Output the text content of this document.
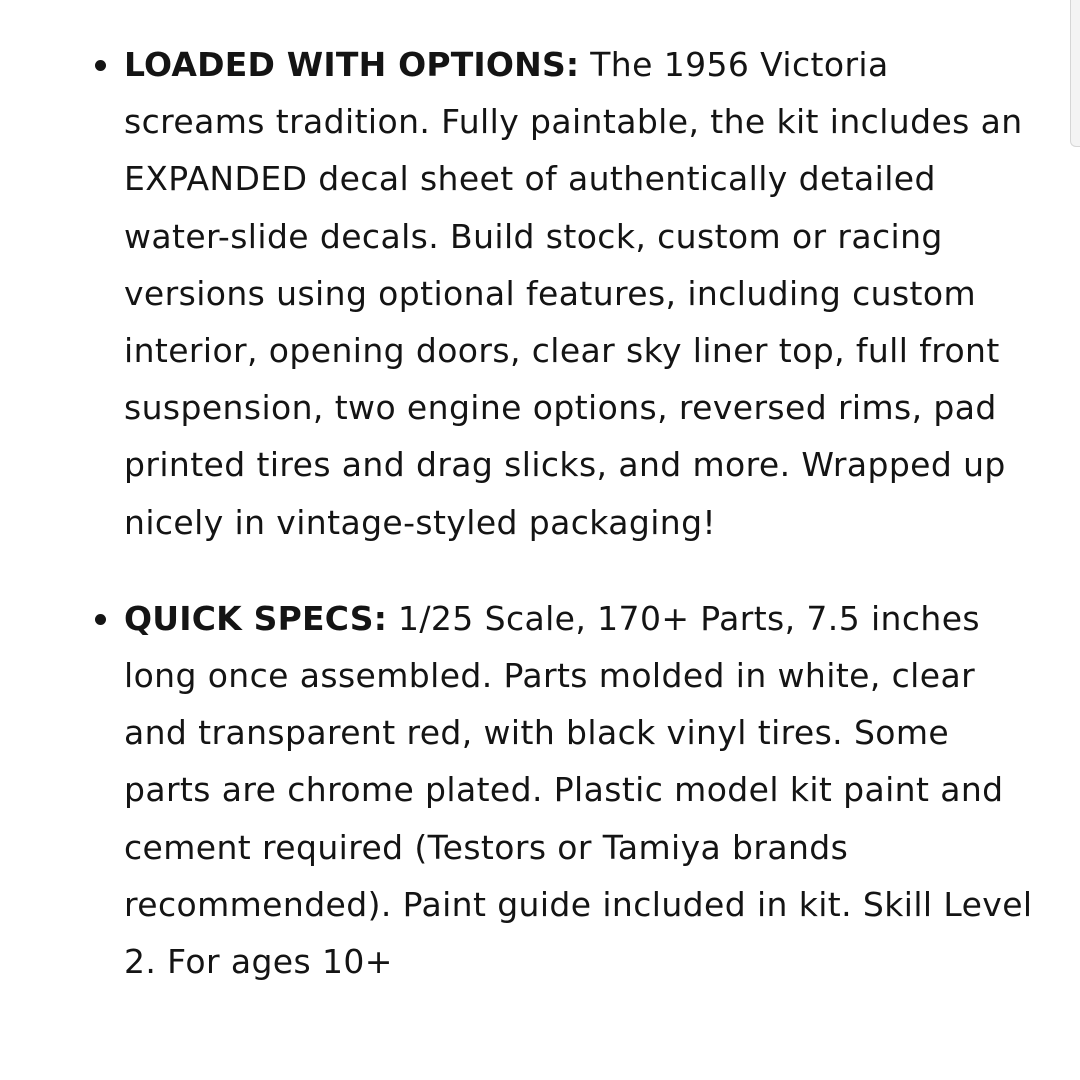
LOADED WITH OPTIONS: The 1956 Victoria screams tradition. Fully paintable, the kit includes an EXPANDED decal sheet of authentically detailed water-slide decals. Build stock, custom or racing versions using optional features, including custom interior, opening doors, clear sky liner top, full front suspension, two engine options, reversed rims, pad printed tires and drag slicks, and more. Wrapped up nicely in vintage-styled packaging!
QUICK SPECS: 1/25 Scale, 170+ Parts, 7.5 inches long once assembled. Parts molded in white, clear and transparent red, with black vinyl tires. Some parts are chrome plated. Plastic model kit paint and cement required (Testors or Tamiya brands recommended). Paint guide included in kit. Skill Level 2. For ages 10+
